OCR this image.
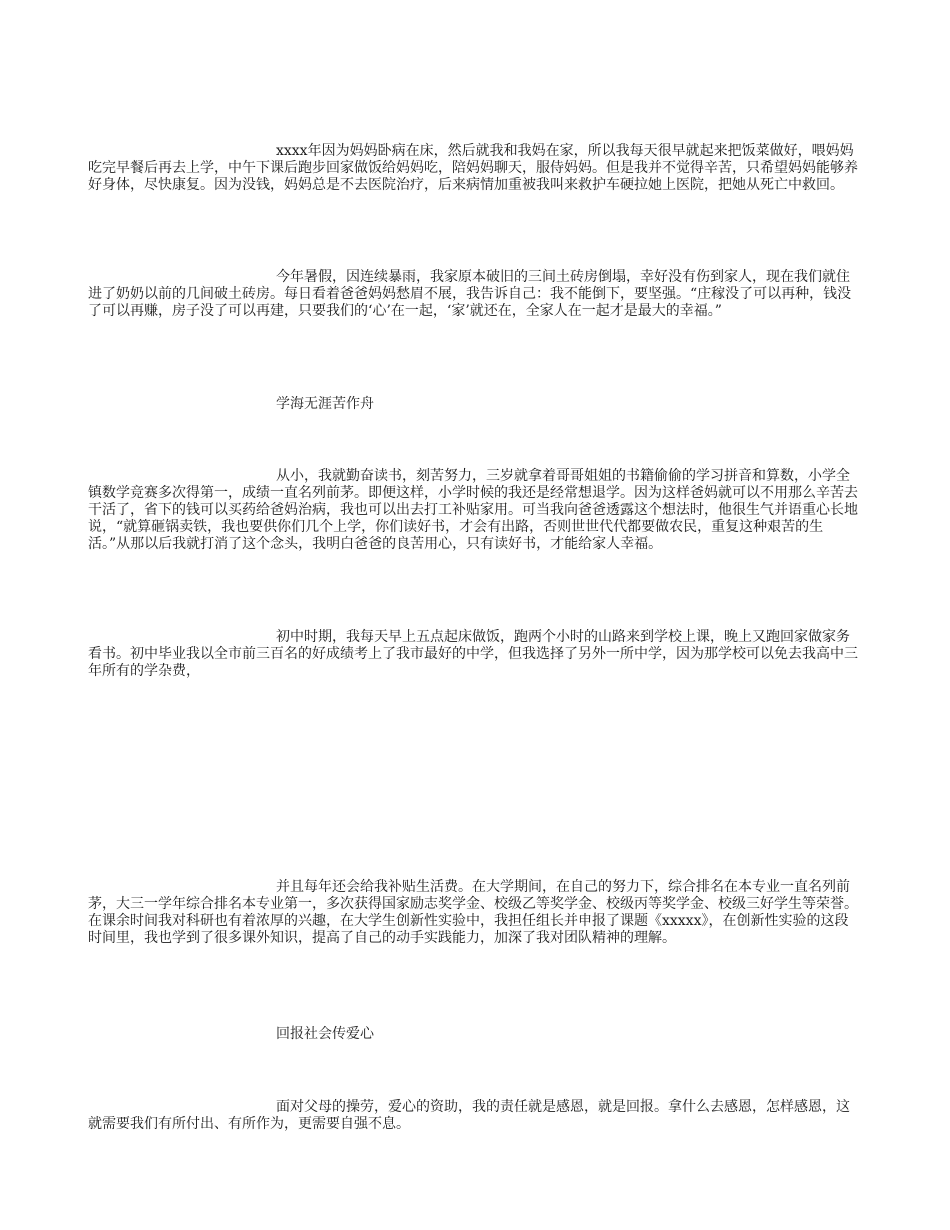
xxxx年因为妈妈卧病在床，然后就我和我妈在家，所以我每天很早就起来把饭菜做好，喂妈妈吃完早餐后再去上学，中午下课后跑步回家做饭给妈妈吃，陪妈妈聊天，服侍妈妈。但是我并不觉得辛苦，只希望妈妈能够养好身体，尽快康复。因为没钱，妈妈总是不去医院治疗，后来病情加重被我叫来救护车硬拉她上医院，把她从死亡中救回。

今年暑假，因连续暴雨，我家原本破旧的三间土砖房倒塌，幸好没有伤到家人，现在我们就住进了奶奶以前的几间破土砖房。每日看着爸爸妈妈愁眉不展，我告诉自己：我不能倒下，要坚强。“庄稼没了可以再种，钱没了可以再赚，房子没了可以再建，只要我们的‘心’在一起，‘家’就还在，全家人在一起才是最大的幸福。”

学海无涯苦作舟

从小，我就勤奋读书，刻苦努力，三岁就拿着哥哥姐姐的书籍偷偷的学习拼音和算数，小学全镇数学竞赛多次得第一，成绩一直名列前茅。即便这样，小学时候的我还是经常想退学。因为这样爸妈就可以不用那么辛苦去干活了，省下的钱可以买药给爸妈治病，我也可以出去打工补贴家用。可当我向爸爸透露这个想法时，他很生气并语重心长地说，“就算砸锅卖铁，我也要供你们几个上学，你们读好书，才会有出路，否则世世代代都要做农民，重复这种艰苦的生活。”从那以后我就打消了这个念头，我明白爸爸的良苦用心，只有读好书，才能给家人幸福。

初中时期，我每天早上五点起床做饭，跑两个小时的山路来到学校上课，晚上又跑回家做家务看书。初中毕业我以全市前三百名的好成绩考上了我市最好的中学，但我选择了另外一所中学，因为那学校可以免去我高中三年所有的学杂费，

并且每年还会给我补贴生活费。在大学期间，在自己的努力下，综合排名在本专业一直名列前茅，大三一学年综合排名本专业第一，多次获得国家励志奖学金、校级乙等奖学金、校级丙等奖学金、校级三好学生等荣誉。在课余时间我对科研也有着浓厚的兴趣，在大学生创新性实验中，我担任组长并申报了课题《xxxxx》，在创新性实验的这段时间里，我也学到了很多课外知识，提高了自己的动手实践能力，加深了我对团队精神的理解。

回报社会传爱心

面对父母的操劳，爱心的资助，我的责任就是感恩，就是回报。拿什么去感恩，怎样感恩，这就需要我们有所付出、有所作为，更需要自强不息。
